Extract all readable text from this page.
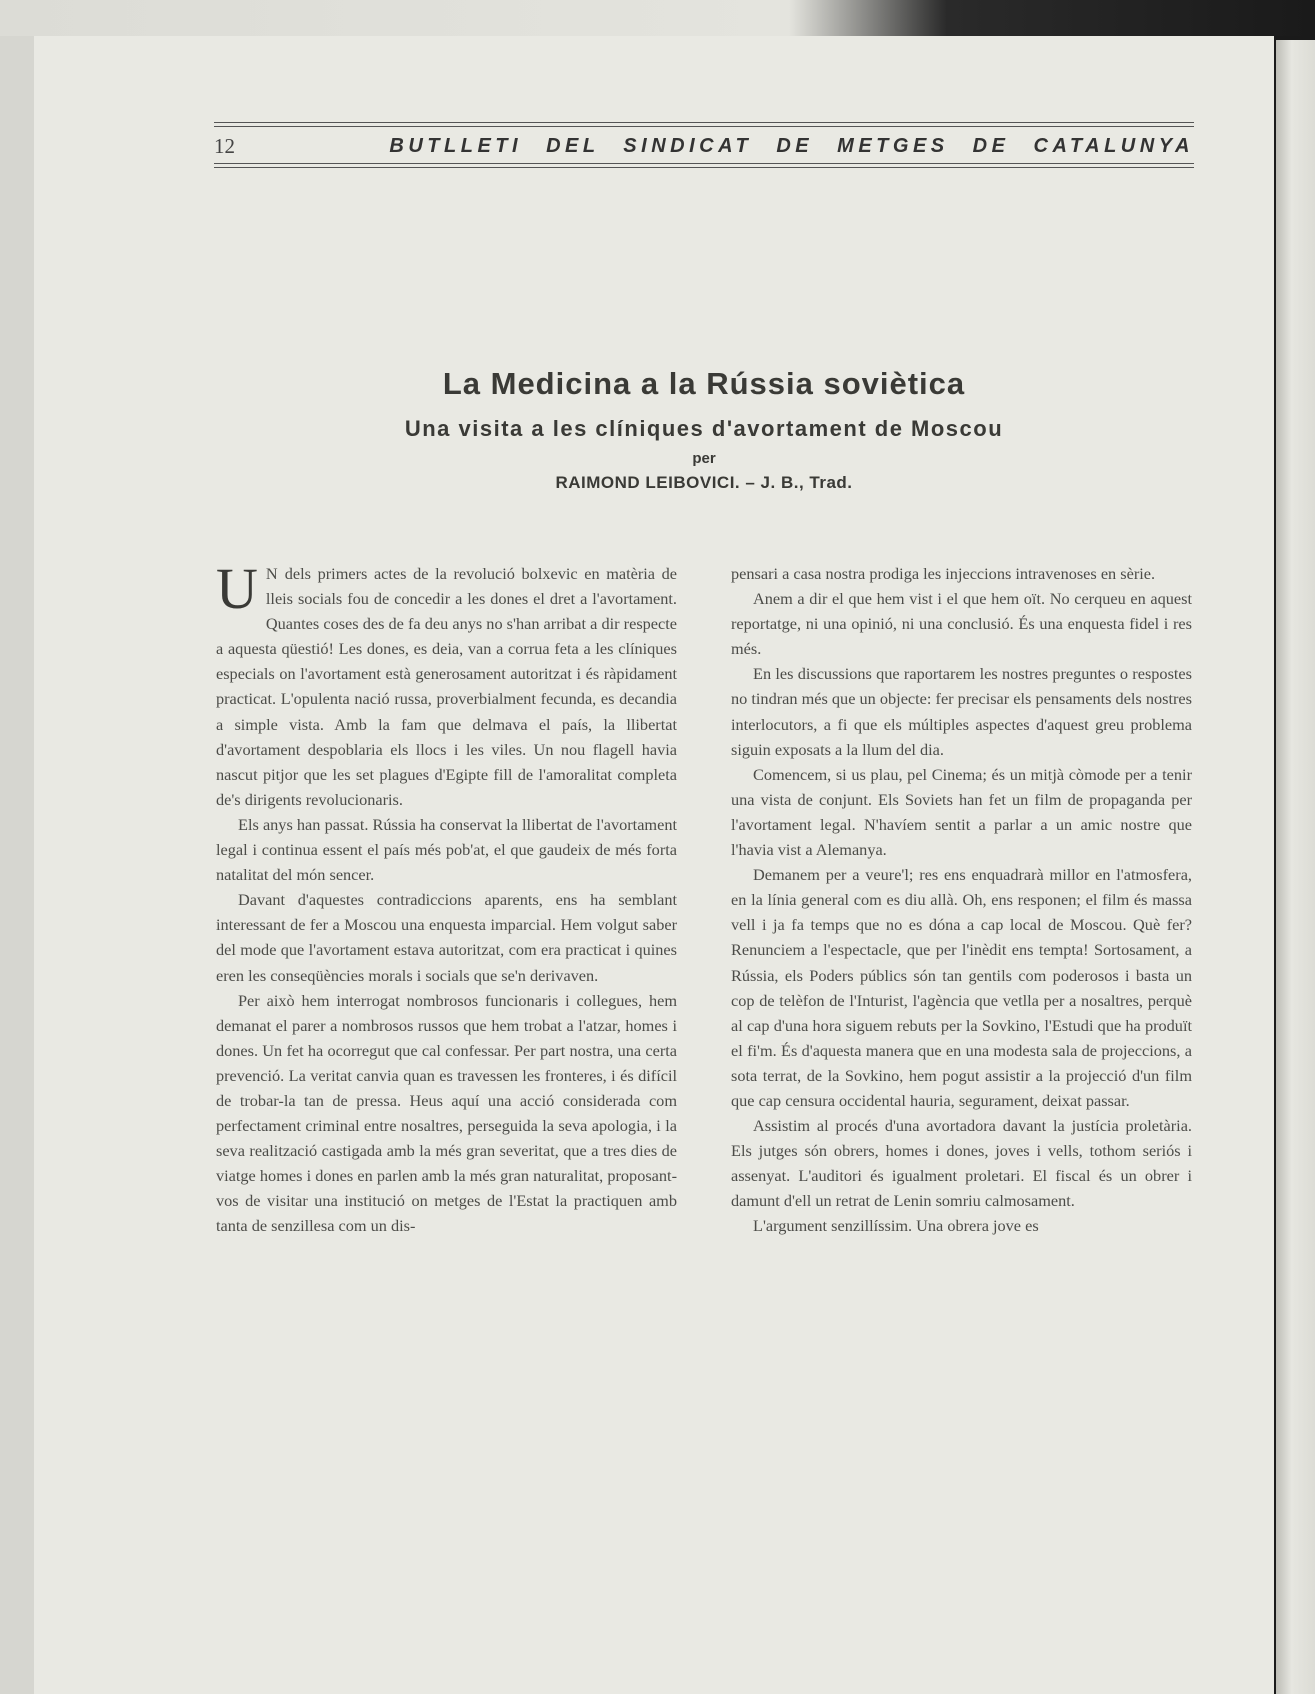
12	BUTLLETI DEL SINDICAT DE METGES DE CATALUNYA
La Medicina a la Rússia soviètica
Una visita a les clíniques d'avortament de Moscou
per
RAIMOND LEIBOVICI. – J. B., Trad.

U N dels primers actes de la revolució bolxevic en matèria de lleis socials fou de concedir a les dones el dret a l'avortament. Quantes coses des de fa deu anys no s'han arribat a dir respecte a aquesta qüestió! Les dones, es deia, van a corrua feta a les clíniques especials on l'avortament està generosament autoritzat i és ràpidament practicat. L'opulenta nació russa, proverbialment fecunda, es decandia a simple vista. Amb la fam que delmava el país, la llibertat d'avortament despoblaria els llocs i les viles. Un nou flagell havia nascut pitjor que les set plagues d'Egipte fill de l'amoralitat completa de's dirigents revolucionaris.

Els anys han passat. Rússia ha conservat la llibertat de l'avortament legal i continua essent el país més pob'at, el que gaudeix de més forta natalitat del món sencer.

Davant d'aquestes contradiccions aparents, ens ha semblant interessant de fer a Moscou una enquesta imparcial. Hem volgut saber del mode que l'avortament estava autoritzat, com era practicat i quines eren les conseqüències morals i socials que se'n derivaven.

Per això hem interrogat nombrosos funcionaris i collegues, hem demanat el parer a nombrosos russos que hem trobat a l'atzar, homes i dones. Un fet ha ocorregut que cal confessar. Per part nostra, una certa prevenció. La veritat canvia quan es travessen les fronteres, i és difícil de trobar-la tan de pressa. Heus aquí una acció considerada com perfectament criminal entre nosaltres, perseguida la seva apologia, i la seva realització castigada amb la més gran severitat, que a tres dies de viatge homes i dones en parlen amb la més gran naturalitat, proposant-vos de visitar una institució on metges de l'Estat la practiquen amb tanta de senzillesa com un dis-

pensari a casa nostra prodiga les injeccions intravenoses en sèrie.

Anem a dir el que hem vist i el que hem oït. No cerqueu en aquest reportatge, ni una opinió, ni una conclusió. És una enquesta fidel i res més.

En les discussions que raportarem les nostres preguntes o respostes no tindran més que un objecte: fer precisar els pensaments dels nostres interlocutors, a fi que els múltiples aspectes d'aquest greu problema siguin exposats a la llum del dia.

Comencem, si us plau, pel Cinema; és un mitjà còmode per a tenir una vista de conjunt. Els Soviets han fet un film de propaganda per l'avortament legal. N'havíem sentit a parlar a un amic nostre que l'havia vist a Alemanya.

Demanem per a veure'l; res ens enquadrarà millor en l'atmosfera, en la línia general com es diu allà. Oh, ens responen; el film és massa vell i ja fa temps que no es dóna a cap local de Moscou. Què fer? Renunciem a l'espectacle, que per l'inèdit ens tempta! Sortosament, a Rússia, els Poders públics són tan gentils com poderosos i basta un cop de telèfon de l'Inturist, l'agència que vetlla per a nosaltres, perquè al cap d'una hora siguem rebuts per la Sovkino, l'Estudi que ha produït el fi'm. És d'aquesta manera que en una modesta sala de projeccions, a sota terrat, de la Sovkino, hem pogut assistir a la projecció d'un film que cap censura occidental hauria, segurament, deixat passar.

Assistim al procés d'una avortadora davant la justícia proletària. Els jutges són obrers, homes i dones, joves i vells, tothom seriós i assenyat. L'auditori és igualment proletari. El fiscal és un obrer i damunt d'ell un retrat de Lenin somriu calmosament.

L'argument senzillíssim. Una obrera jove es
